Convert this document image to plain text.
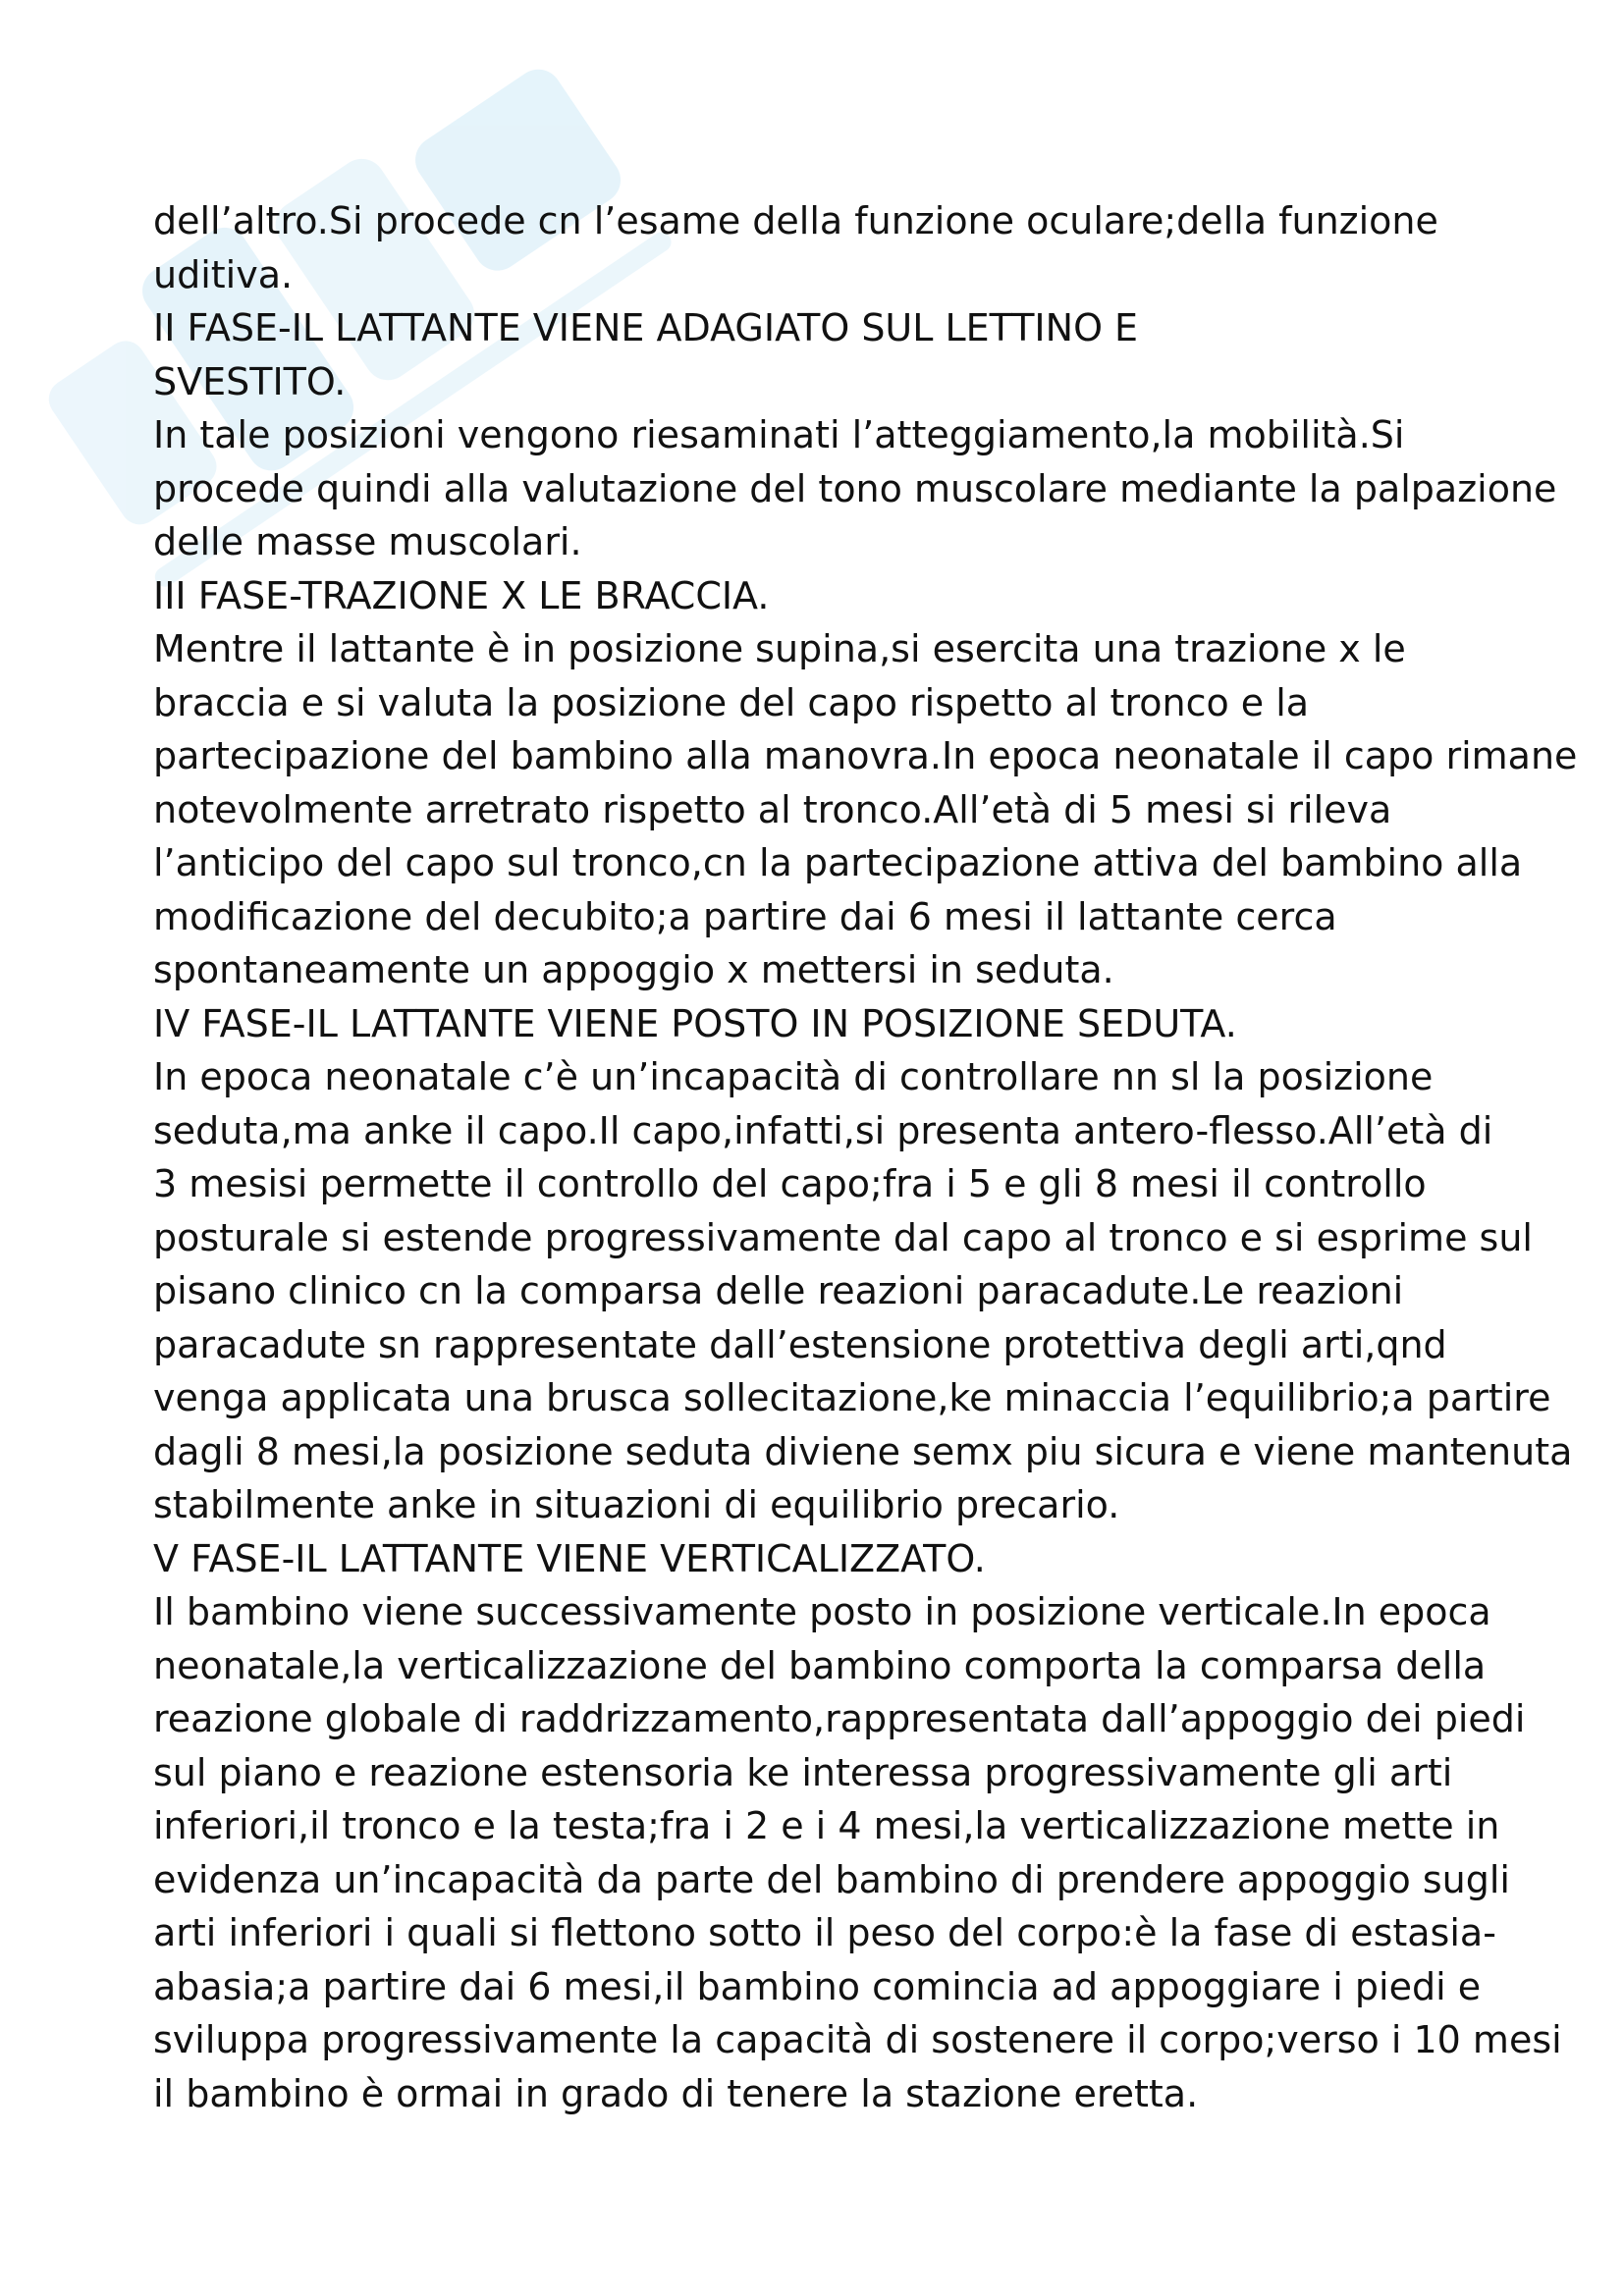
dell’altro.Si procede cn l’esame della funzione oculare;della funzione
uditiva.
II FASE-IL LATTANTE VIENE ADAGIATO SUL LETTINO E
SVESTITO.
In tale posizioni vengono riesaminati l’atteggiamento,la mobilità.Si
procede quindi alla valutazione del tono muscolare mediante la palpazione
delle masse muscolari.
III FASE-TRAZIONE X LE BRACCIA.
Mentre il lattante è in posizione supina,si esercita una trazione x le
braccia e si valuta la posizione del capo rispetto al tronco e la
partecipazione del bambino alla manovra.In epoca neonatale il capo rimane
notevolmente arretrato rispetto al tronco.All’età di 5 mesi si rileva
l’anticipo del capo sul tronco,cn la partecipazione attiva del bambino alla
modificazione del decubito;a partire dai 6 mesi il lattante cerca
spontaneamente un appoggio x mettersi in seduta.
IV FASE-IL LATTANTE VIENE POSTO IN POSIZIONE SEDUTA.
In epoca neonatale c’è un’incapacità di controllare nn sl la posizione
seduta,ma anke il capo.Il capo,infatti,si presenta antero-flesso.All’età di
3 mesisi permette il controllo del capo;fra i 5 e gli 8 mesi il controllo
posturale si estende progressivamente dal capo al tronco e si esprime sul
pisano clinico cn la comparsa delle reazioni paracadute.Le reazioni
paracadute sn rappresentate dall’estensione protettiva degli arti,qnd
venga applicata una brusca sollecitazione,ke minaccia l’equilibrio;a partire
dagli 8 mesi,la posizione seduta diviene semx piu sicura e viene mantenuta
stabilmente anke in situazioni di equilibrio precario.
V FASE-IL LATTANTE VIENE VERTICALIZZATO.
Il bambino viene successivamente posto in posizione verticale.In epoca
neonatale,la verticalizzazione del bambino comporta la comparsa della
reazione globale di raddrizzamento,rappresentata dall’appoggio dei piedi
sul piano e reazione estensoria ke interessa progressivamente gli arti
inferiori,il tronco e la testa;fra i 2 e i 4 mesi,la verticalizzazione mette in
evidenza un’incapacità da parte del bambino di prendere appoggio sugli
arti inferiori i quali si flettono sotto il peso del corpo:è la fase di estasia-
abasia;a partire dai 6 mesi,il bambino comincia ad appoggiare i piedi e
sviluppa progressivamente la capacità di sostenere il corpo;verso i 10 mesi
il bambino è ormai in grado di tenere la stazione eretta.
